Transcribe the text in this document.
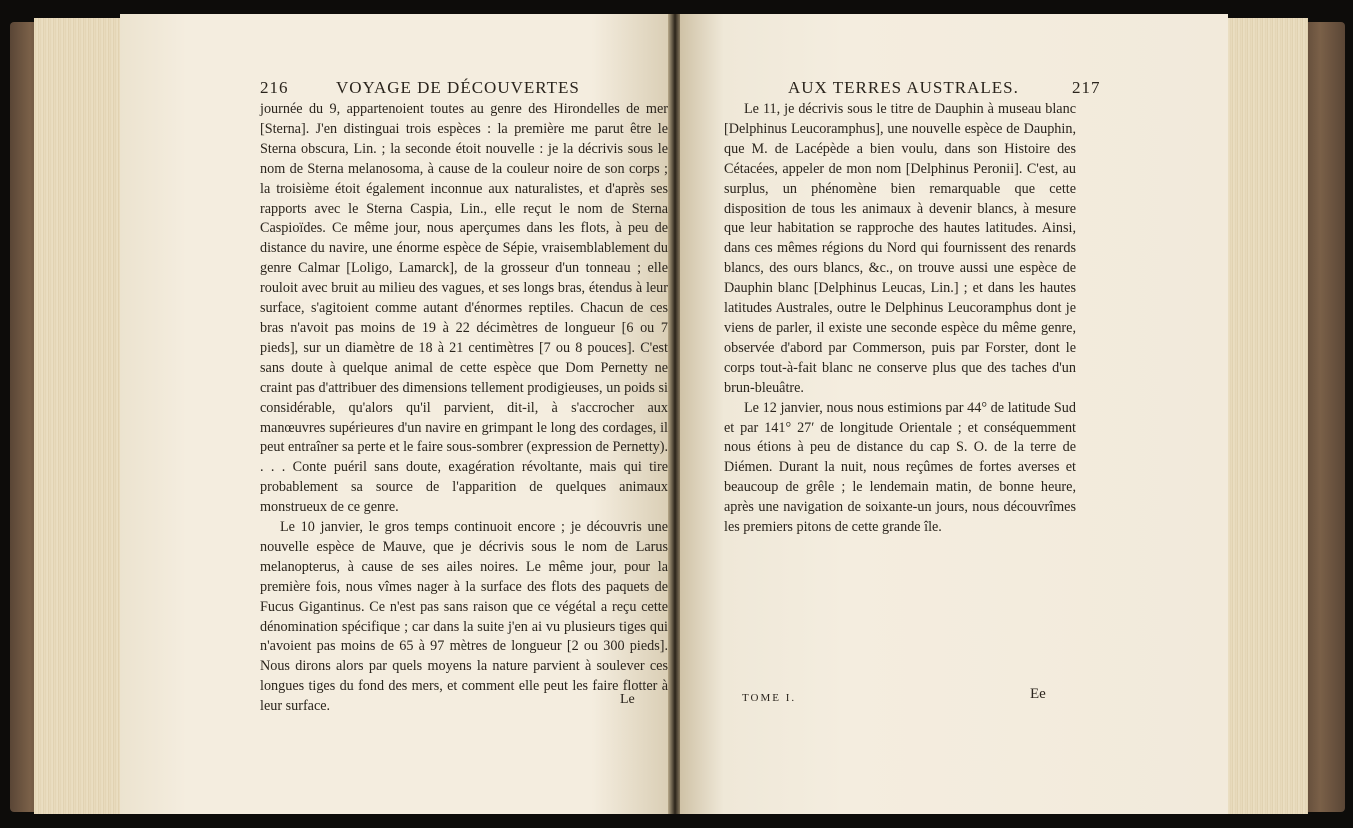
216	VOYAGE DE DÉCOUVERTES

journée du 9, appartenoient toutes au genre des Hirondelles de mer [Sterna]. J'en distinguai trois espèces : la première me parut être le Sterna obscura, Lin. ; la seconde étoit nouvelle : je la décrivis sous le nom de Sterna melanosoma, à cause de la couleur noire de son corps ; la troisième étoit également inconnue aux naturalistes, et d'après ses rapports avec le Sterna Caspia, Lin., elle reçut le nom de Sterna Caspioïdes. Ce même jour, nous aperçumes dans les flots, à peu de distance du navire, une énorme espèce de Sépie, vraisemblablement du genre Calmar [Loligo, Lamarck], de la grosseur d'un tonneau ; elle rouloit avec bruit au milieu des vagues, et ses longs bras, étendus à leur surface, s'agitoient comme autant d'énormes reptiles. Chacun de ces bras n'avoit pas moins de 19 à 22 décimètres de longueur [6 ou 7 pieds], sur un diamètre de 18 à 21 centimètres [7 ou 8 pouces]. C'est sans doute à quelque animal de cette espèce que Dom Pernetty ne craint pas d'attribuer des dimensions tellement prodigieuses, un poids si considérable, qu'alors qu'il parvient, dit-il, à s'accrocher aux manœuvres supérieures d'un navire en grimpant le long des cordages, il peut entraîner sa perte et le faire sous-sombrer (expression de Pernetty). . . . Conte puéril sans doute, exagération révoltante, mais qui tire probablement sa source de l'apparition de quelques animaux monstrueux de ce genre.

Le 10 janvier, le gros temps continuoit encore ; je découvris une nouvelle espèce de Mauve, que je décrivis sous le nom de Larus melanopterus, à cause de ses ailes noires. Le même jour, pour la première fois, nous vîmes nager à la surface des flots des paquets de Fucus Gigantinus. Ce n'est pas sans raison que ce végétal a reçu cette dénomination spécifique ; car dans la suite j'en ai vu plusieurs tiges qui n'avoient pas moins de 65 à 97 mètres de longueur [2 ou 300 pieds]. Nous dirons alors par quels moyens la nature parvient à soulever ces longues tiges du fond des mers, et comment elle peut les faire flotter à leur surface.	Le
AUX TERRES AUSTRALES.	217

Le 11, je décrivis sous le titre de Dauphin à museau blanc [Delphinus Leucoramphus], une nouvelle espèce de Dauphin, que M. de Lacépède a bien voulu, dans son Histoire des Cétacées, appeler de mon nom [Delphinus Peronii]. C'est, au surplus, un phénomène bien remarquable que cette disposition de tous les animaux à devenir blancs, à mesure que leur habitation se rapproche des hautes latitudes. Ainsi, dans ces mêmes régions du Nord qui fournissent des renards blancs, des ours blancs, &c., on trouve aussi une espèce de Dauphin blanc [Delphinus Leucas, Lin.] ; et dans les hautes latitudes Australes, outre le Delphinus Leucoramphus dont je viens de parler, il existe une seconde espèce du même genre, observée d'abord par Commerson, puis par Forster, dont le corps tout-à-fait blanc ne conserve plus que des taches d'un brun-bleuâtre.

Le 12 janvier, nous nous estimions par 44° de latitude Sud et par 141° 27′ de longitude Orientale ; et conséquemment nous étions à peu de distance du cap S. O. de la terre de Diémen. Durant la nuit, nous reçûmes de fortes averses et beaucoup de grêle ; le lendemain matin, de bonne heure, après une navigation de soixante-un jours, nous découvrîmes les premiers pitons de cette grande île.

TOME I.	Ee
